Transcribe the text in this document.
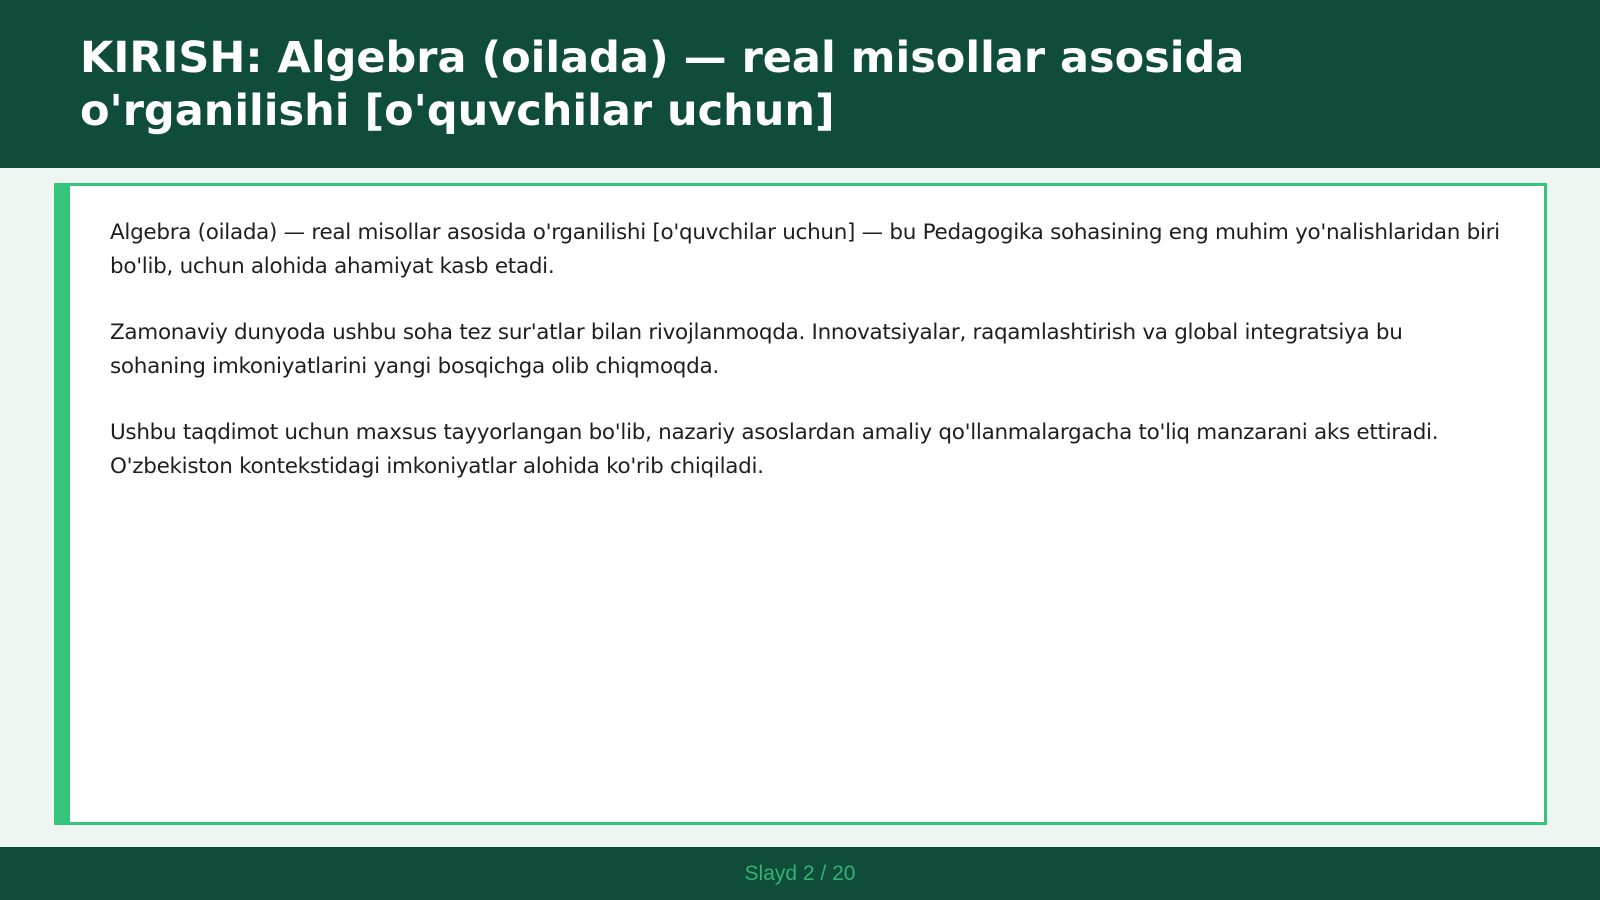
KIRISH: Algebra (oilada) — real misollar asosida o'rganilishi [o'quvchilar uchun]

Algebra (oilada) — real misollar asosida o'rganilishi [o'quvchilar uchun] — bu Pedagogika sohasining eng muhim yo'nalishlaridan biri bo'lib, uchun alohida ahamiyat kasb etadi.

Zamonaviy dunyoda ushbu soha tez sur'atlar bilan rivojlanmoqda. Innovatsiyalar, raqamlashtirish va global integratsiya bu sohaning imkoniyatlarini yangi bosqichga olib chiqmoqda.

Ushbu taqdimot uchun maxsus tayyorlangan bo'lib, nazariy asoslardan amaliy qo'llanmalargacha to'liq manzarani aks ettiradi. O'zbekiston kontekstidagi imkoniyatlar alohida ko'rib chiqiladi.

Slayd 2 / 20
